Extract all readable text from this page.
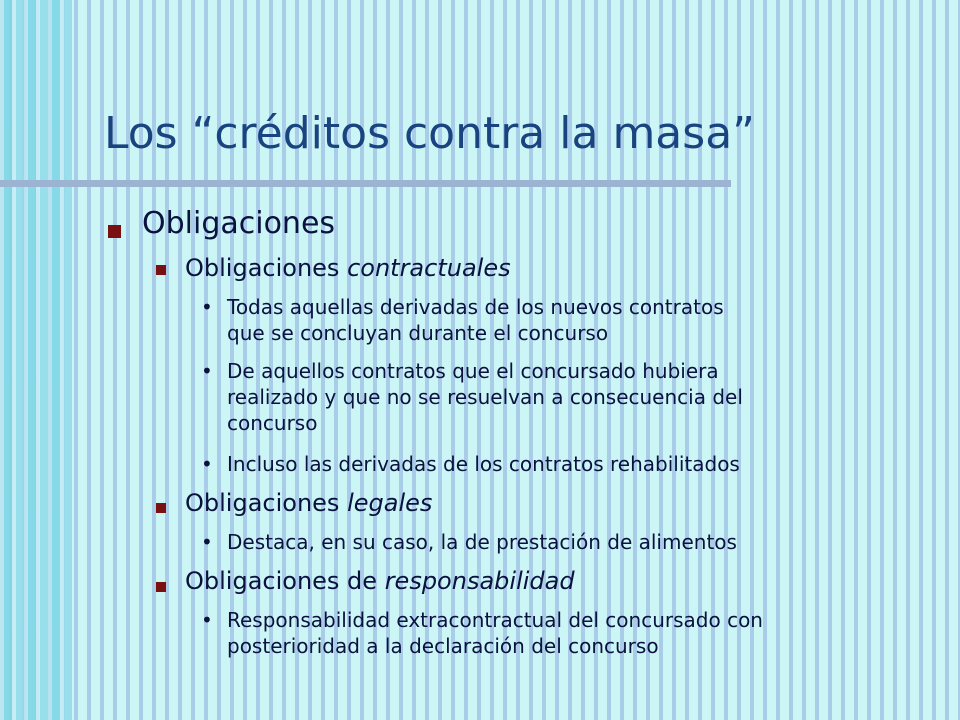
Los “créditos contra la masa”
Obligaciones
Obligaciones contractuales
• Todas aquellas derivadas de los nuevos contratos
que se concluyan durante el concurso
• De aquellos contratos que el concursado hubiera
realizado y que no se resuelvan a consecuencia del
concurso
• Incluso las derivadas de los contratos rehabilitados
Obligaciones legales
• Destaca, en su caso, la de prestación de alimentos
Obligaciones de responsabilidad
• Responsabilidad extracontractual del concursado con
posterioridad a la declaración del concurso
